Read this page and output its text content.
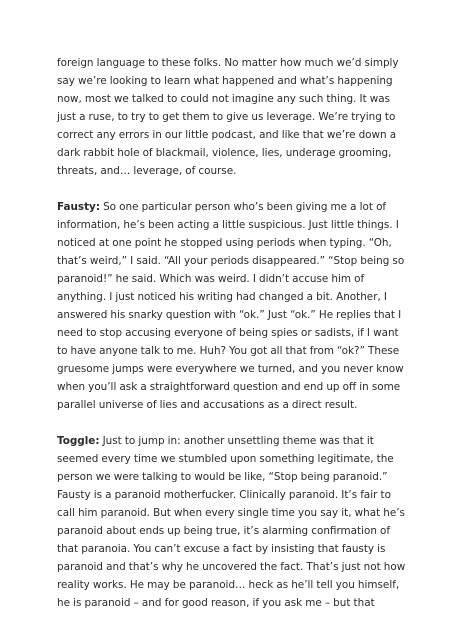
foreign language to these folks. No matter how much we’d simply say we’re looking to learn what happened and what’s happening now, most we talked to could not imagine any such thing. It was just a ruse, to try to get them to give us leverage. We’re trying to correct any errors in our little podcast, and like that we’re down a dark rabbit hole of blackmail, violence, lies, underage grooming, threats, and… leverage, of course.

Fausty: So one particular person who’s been giving me a lot of information, he’s been acting a little suspicious. Just little things. I noticed at one point he stopped using periods when typing. “Oh, that’s weird,” I said. “All your periods disappeared.” “Stop being so paranoid!” he said. Which was weird. I didn’t accuse him of anything. I just noticed his writing had changed a bit. Another, I answered his snarky question with “ok.” Just “ok.” He replies that I need to stop accusing everyone of being spies or sadists, if I want to have anyone talk to me. Huh? You got all that from “ok?” These gruesome jumps were everywhere we turned, and you never know when you’ll ask a straightforward question and end up off in some parallel universe of lies and accusations as a direct result.

Toggle: Just to jump in: another unsettling theme was that it seemed every time we stumbled upon something legitimate, the person we were talking to would be like, “Stop being paranoid.” Fausty is a paranoid motherfucker. Clinically paranoid. It’s fair to call him paranoid. But when every single time you say it, what he’s paranoid about ends up being true, it’s alarming confirmation of that paranoia. You can’t excuse a fact by insisting that fausty is paranoid and that’s why he uncovered the fact. That’s just not how reality works. He may be paranoid… heck as he’ll tell you himself, he is paranoid – and for good reason, if you ask me – but that
